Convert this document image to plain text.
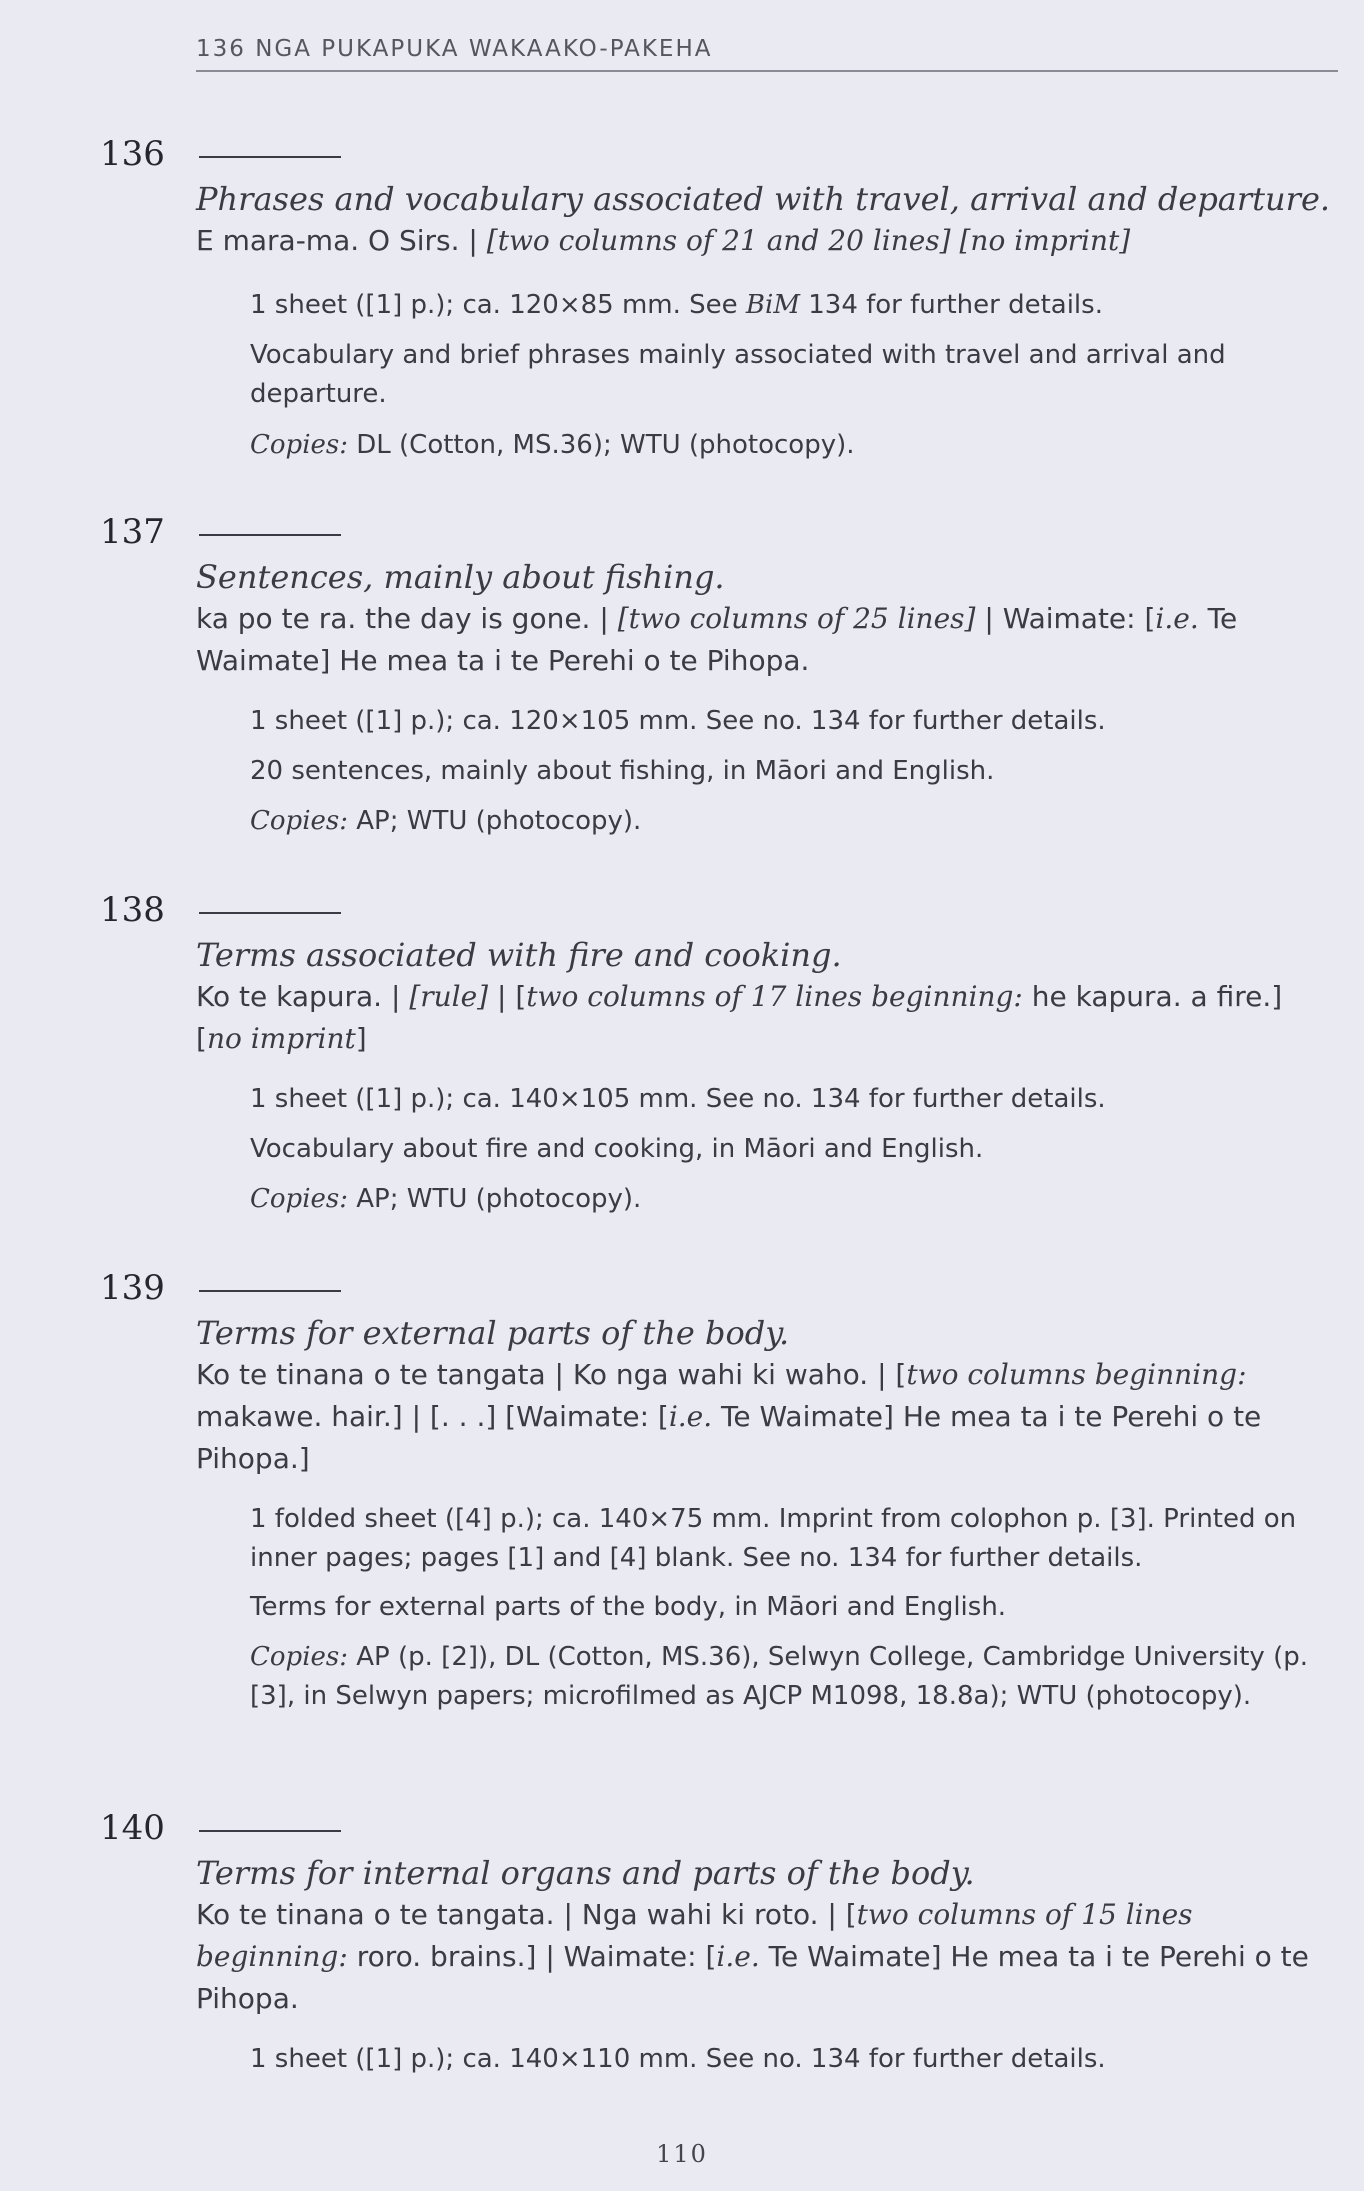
136 NGA PUKAPUKA WAKAAKO-PAKEHA
136
Phrases and vocabulary associated with travel, arrival and departure.
E mara-ma. O Sirs. | [two columns of 21 and 20 lines] [no imprint]
1 sheet ([1] p.); ca. 120×85 mm. See BiM 134 for further details.
Vocabulary and brief phrases mainly associated with travel and arrival and departure.
Copies: DL (Cotton, MS.36); WTU (photocopy).
137
Sentences, mainly about fishing.
ka po te ra. the day is gone. | [two columns of 25 lines] | Waimate: [i.e. Te Waimate] He mea ta i te Perehi o te Pihopa.
1 sheet ([1] p.); ca. 120×105 mm. See no. 134 for further details.
20 sentences, mainly about fishing, in Māori and English.
Copies: AP; WTU (photocopy).
138
Terms associated with fire and cooking.
Ko te kapura. | [rule] | [two columns of 17 lines beginning: he kapura. a fire.] [no imprint]
1 sheet ([1] p.); ca. 140×105 mm. See no. 134 for further details.
Vocabulary about fire and cooking, in Māori and English.
Copies: AP; WTU (photocopy).
139
Terms for external parts of the body.
Ko te tinana o te tangata | Ko nga wahi ki waho. | [two columns beginning: makawe. hair.] | [. . .] [Waimate: [i.e. Te Waimate] He mea ta i te Perehi o te Pihopa.]
1 folded sheet ([4] p.); ca. 140×75 mm. Imprint from colophon p. [3]. Printed on inner pages; pages [1] and [4] blank. See no. 134 for further details.
Terms for external parts of the body, in Māori and English.
Copies: AP (p. [2]), DL (Cotton, MS.36), Selwyn College, Cambridge University (p. [3], in Selwyn papers; microfilmed as AJCP M1098, 18.8a); WTU (photocopy).
140
Terms for internal organs and parts of the body.
Ko te tinana o te tangata. | Nga wahi ki roto. | [two columns of 15 lines beginning: roro. brains.] | Waimate: [i.e. Te Waimate] He mea ta i te Perehi o te Pihopa.
1 sheet ([1] p.); ca. 140×110 mm. See no. 134 for further details.
110
